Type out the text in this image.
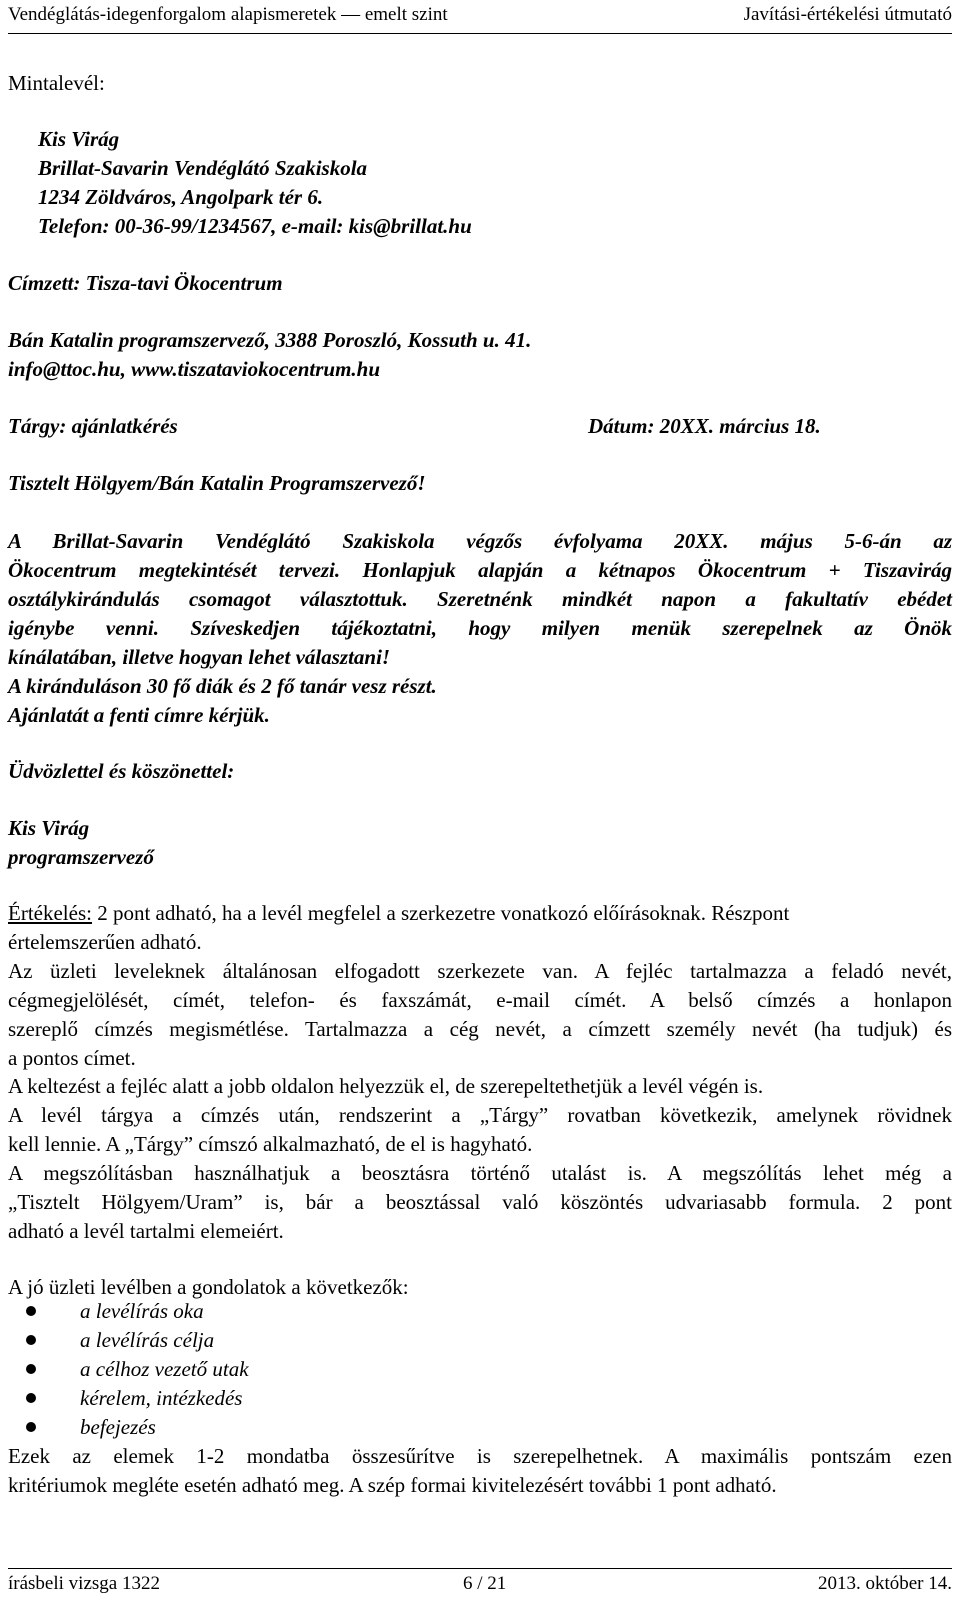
Vendéglátás-idegenforgalom alapismeretek — emelt szint	Javítási-értékelési útmutató
Mintalevél:
Kis Virág
Brillat-Savarin Vendéglátó Szakiskola
1234 Zöldváros, Angolpark tér 6.
Telefon: 00-36-99/1234567, e-mail: kis@brillat.hu
Címzett: Tisza-tavi Ökocentrum
Bán Katalin programszervező, 3388 Poroszló, Kossuth u. 41.
info@ttoc.hu, www.tiszataviokocentrum.hu
Tárgy: ajánlatkérés	Dátum: 20XX. március 18.
Tisztelt Hölgyem/Bán Katalin Programszervező!
A Brillat-Savarin Vendéglátó Szakiskola végzős évfolyama 20XX. május 5-6-án az
Ökocentrum megtekintését tervezi. Honlapjuk alapján a kétnapos Ökocentrum + Tiszavirág
osztálykirándulás csomagot választottuk. Szeretnénk mindkét napon a fakultatív ebédet
igénybe venni. Szíveskedjen tájékoztatni, hogy milyen menük szerepelnek az Önök
kínálatában, illetve hogyan lehet választani!
A kiránduláson 30 fő diák és 2 fő tanár vesz részt.
Ajánlatát a fenti címre kérjük.
Üdvözlettel és köszönettel:
Kis Virág
programszervező
Értékelés: 2 pont adható, ha a levél megfelel a szerkezetre vonatkozó előírásoknak. Részpont
értelemszerűen adható.
Az üzleti leveleknek általánosan elfogadott szerkezete van. A fejléc tartalmazza a feladó nevét,
cégmegjelölését, címét, telefon- és faxszámát, e-mail címét. A belső címzés a honlapon
szereplő címzés megismétlése. Tartalmazza a cég nevét, a címzett személy nevét (ha tudjuk) és
a pontos címet.
A keltezést a fejléc alatt a jobb oldalon helyezzük el, de szerepeltethetjük a levél végén is.
A levél tárgya a címzés után, rendszerint a „Tárgy” rovatban következik, amelynek rövidnek
kell lennie. A „Tárgy” címszó alkalmazható, de el is hagyható.
A megszólításban használhatjuk a beosztásra történő utalást is. A megszólítás lehet még a
„Tisztelt Hölgyem/Uram” is, bár a beosztással való köszöntés udvariasabb formula. 2 pont
adható a levél tartalmi elemeiért.
A jó üzleti levélben a gondolatok a következők:
a levélírás oka
a levélírás célja
a célhoz vezető utak
kérelem, intézkedés
befejezés
Ezek az elemek 1-2 mondatba összesűrítve is szerepelhetnek. A maximális pontszám ezen
kritériumok megléte esetén adható meg. A szép formai kivitelezésért további 1 pont adható.
írásbeli vizsga 1322	6 / 21	2013. október 14.
